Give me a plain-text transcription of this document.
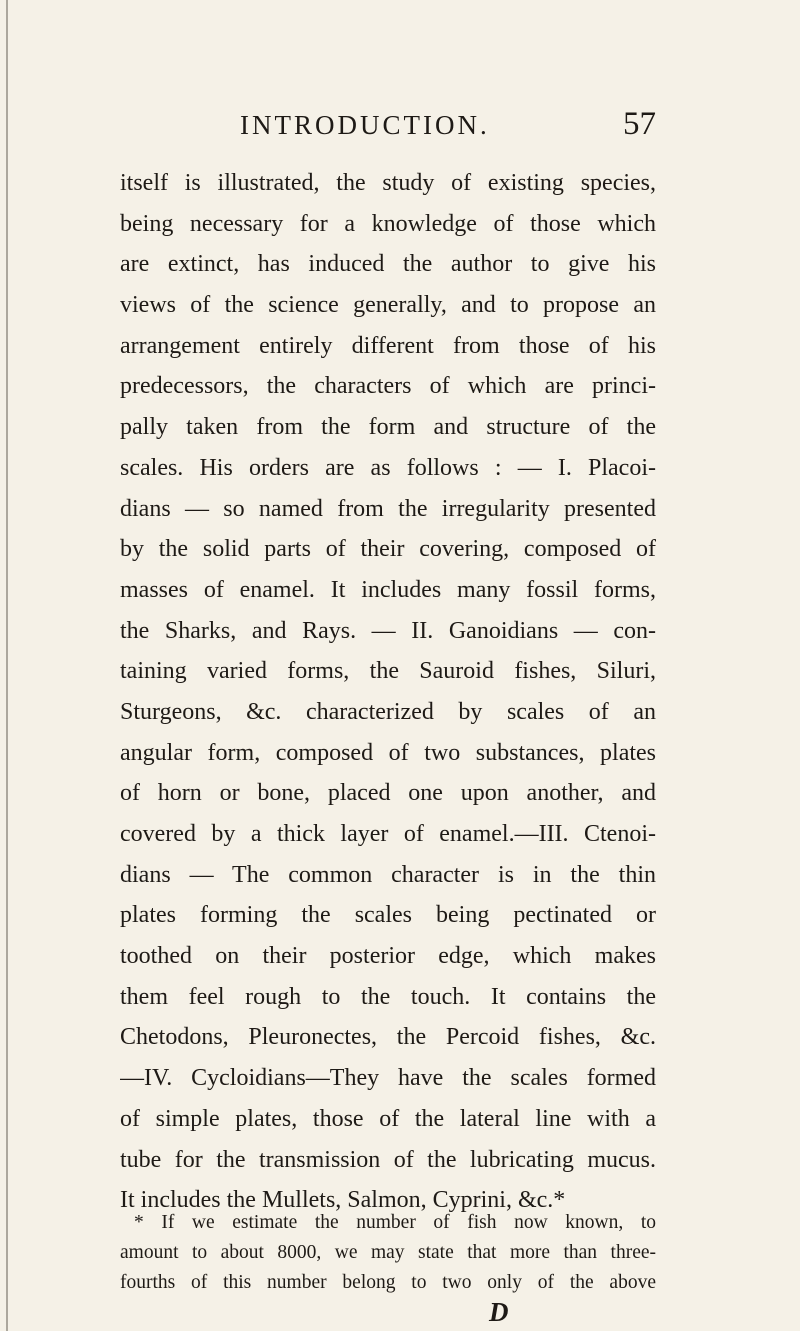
INTRODUCTION.	57
itself is illustrated, the study of existing species,
being necessary for a knowledge of those which
are extinct, has induced the author to give his
views of the science generally, and to propose an
arrangement entirely different from those of his
predecessors, the characters of which are princi-
pally taken from the form and structure of the
scales. His orders are as follows : — I. Placoi-
dians — so named from the irregularity presented
by the solid parts of their covering, composed of
masses of enamel. It includes many fossil forms,
the Sharks, and Rays. — II. Ganoidians — con-
taining varied forms, the Sauroid fishes, Siluri,
Sturgeons, &c. characterized by scales of an
angular form, composed of two substances, plates
of horn or bone, placed one upon another, and
covered by a thick layer of enamel.—III. Ctenoi-
dians — The common character is in the thin
plates forming the scales being pectinated or
toothed on their posterior edge, which makes
them feel rough to the touch. It contains the
Chetodons, Pleuronectes, the Percoid fishes, &c.
—IV. Cycloidians—They have the scales formed
of simple plates, those of the lateral line with a
tube for the transmission of the lubricating mucus.
It includes the Mullets, Salmon, Cyprini, &c.*
* If we estimate the number of fish now known, to
amount to about 8000, we may state that more than three-
fourths of this number belong to two only of the above
D
